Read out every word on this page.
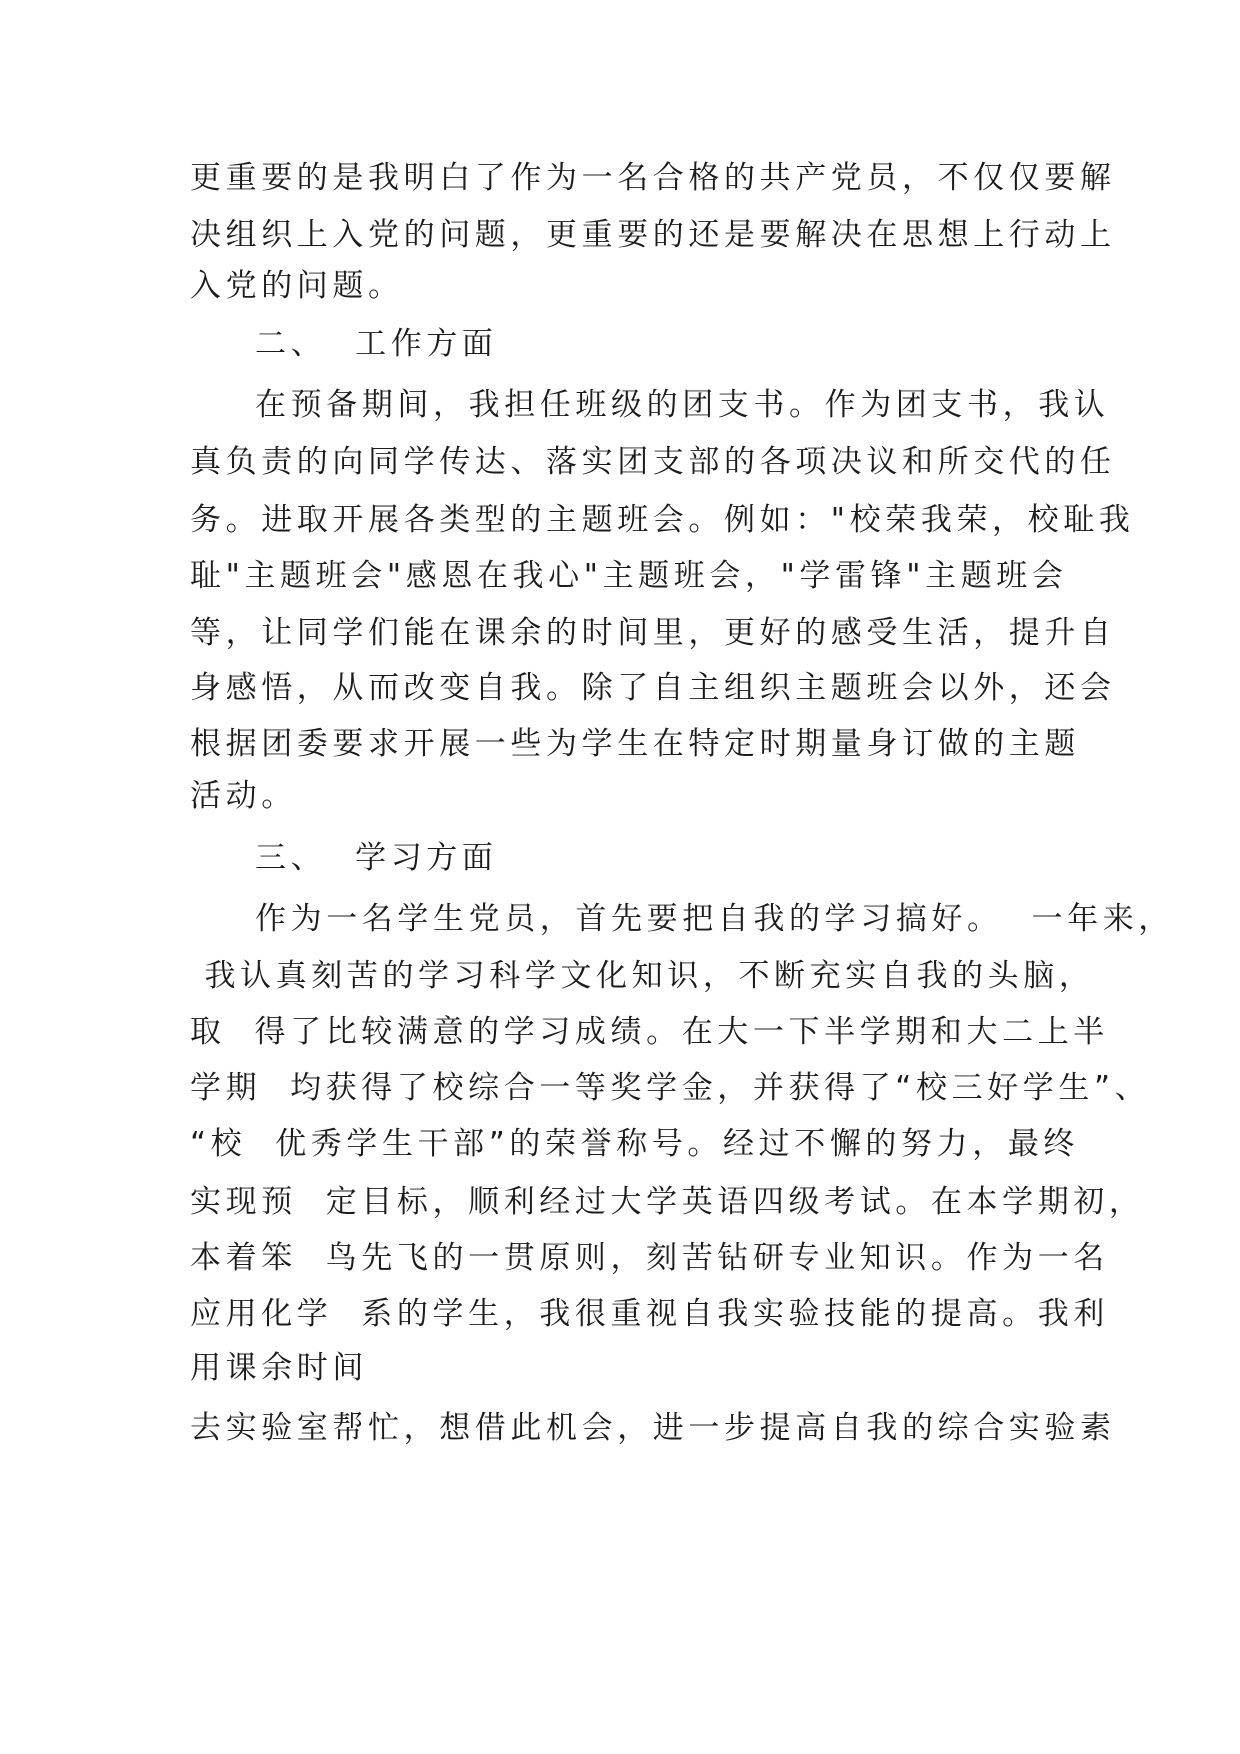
更重要的是我明白了作为一名合格的共产党员，不仅仅要解

决组织上入党的问题，更重要的还是要解决在思想上行动上

入党的问题。

二、  工作方面

在预备期间，我担任班级的团支书。作为团支书，我认

真负责的向同学传达、落实团支部的各项决议和所交代的任

务。进取开展各类型的主题班会。例如："校荣我荣，校耻我

耻"主题班会"感恩在我心"主题班会，"学雷锋"主题班会

等，让同学们能在课余的时间里，更好的感受生活，提升自

身感悟，从而改变自我。除了自主组织主题班会以外，还会

根据团委要求开展一些为学生在特定时期量身订做的主题

活动。

三、  学习方面

作为一名学生党员，首先要把自我的学习搞好。  一年来，

我认真刻苦的学习科学文化知识，不断充实自我的头脑，

取  得了比较满意的学习成绩。在大一下半学期和大二上半

学期  均获得了校综合一等奖学金，并获得了“校三好学生”、

“校  优秀学生干部”的荣誉称号。经过不懈的努力，最终

实现预  定目标，顺利经过大学英语四级考试。在本学期初，

本着笨  鸟先飞的一贯原则，刻苦钻研专业知识。作为一名

应用化学  系的学生，我很重视自我实验技能的提高。我利

用课余时间

去实验室帮忙，想借此机会，进一步提高自我的综合实验素
